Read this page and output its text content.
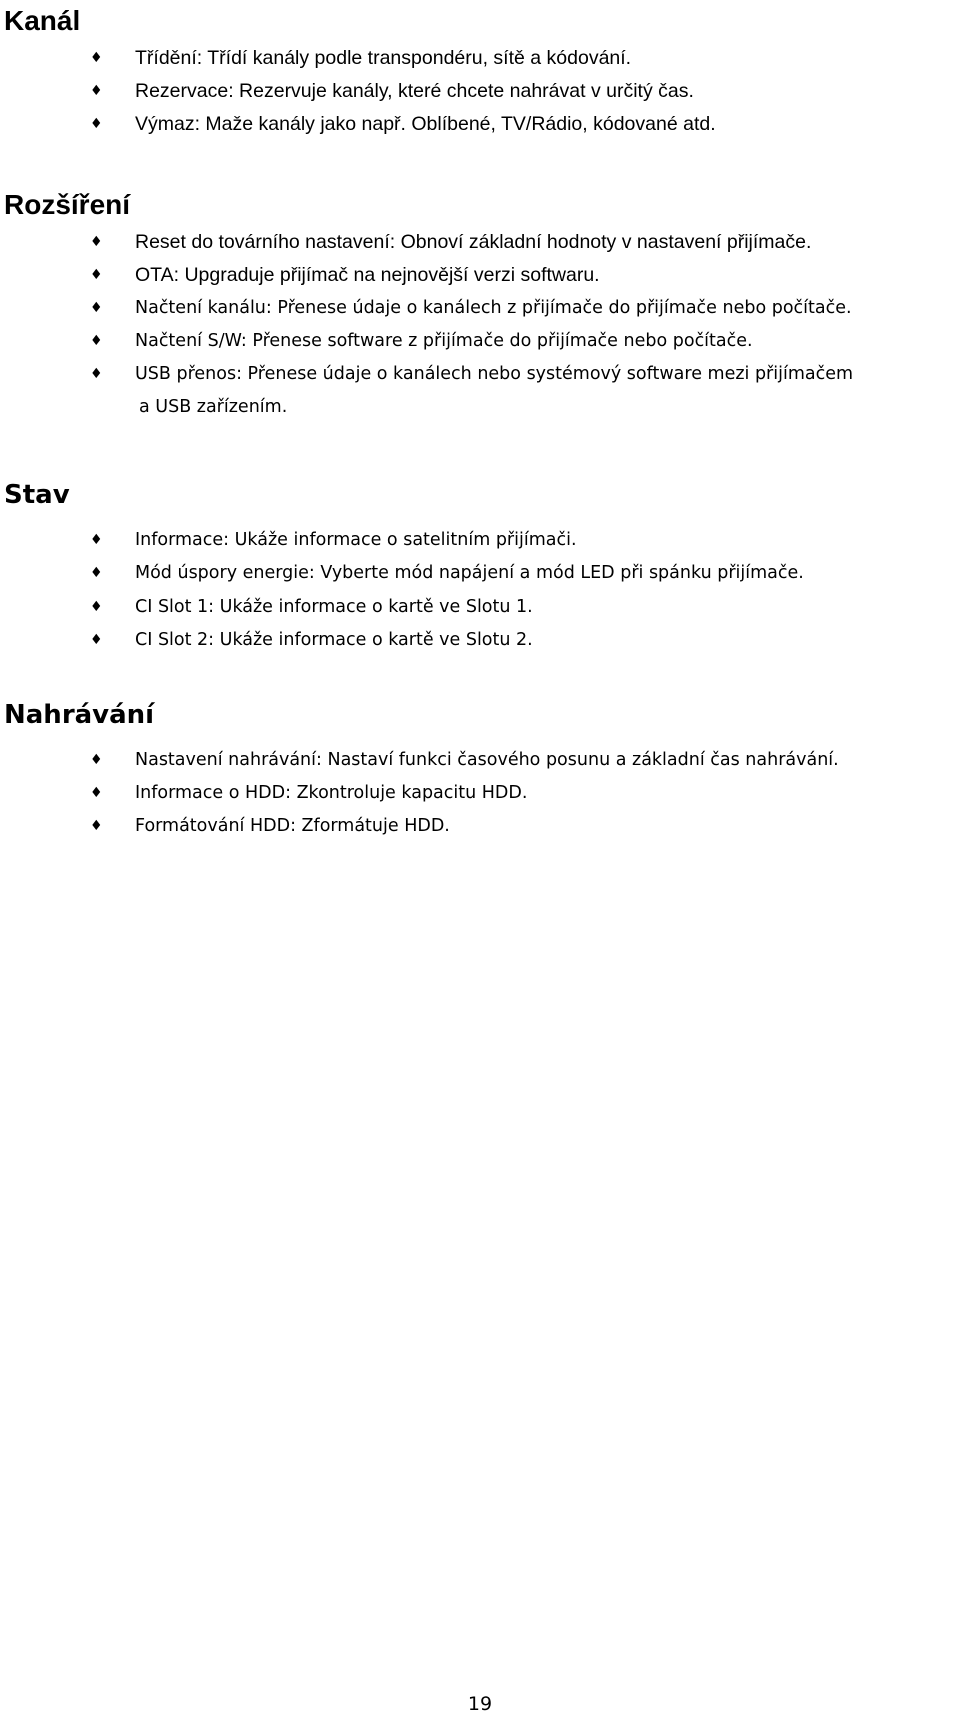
Kanál
♦ Třídění: Třídí kanály podle transpondéru, sítě a kódování.

♦ Rezervace: Rezervuje kanály, které chcete nahrávat v určitý čas.

♦ Výmaz: Maže kanály jako např. Oblíbené, TV/Rádio, kódované atd.

Rozšíření
♦ Reset do továrního nastavení: Obnoví základní hodnoty v nastavení přijímače.

♦ OTA: Upgraduje přijímač na nejnovější verzi softwaru.

♦ Načtení kanálu: Přenese údaje o kanálech z přijímače do přijímače nebo počítače.

♦ Načtení S/W: Přenese software z přijímače do přijímače nebo počítače.

♦ USB přenos: Přenese údaje o kanálech nebo systémový software mezi přijímačem

a USB zařízením.

Stav
♦ Informace: Ukáže informace o satelitním přijímači.

♦ Mód úspory energie: Vyberte mód napájení a mód LED při spánku přijímače.

♦ CI Slot 1: Ukáže informace o kartě ve Slotu 1.

♦ CI Slot 2: Ukáže informace o kartě ve Slotu 2.

Nahrávání
♦ Nastavení nahrávání: Nastaví funkci časového posunu a základní čas nahrávání.

♦ Informace o HDD: Zkontroluje kapacitu HDD.

♦ Formátování HDD: Zformátuje HDD.

19
